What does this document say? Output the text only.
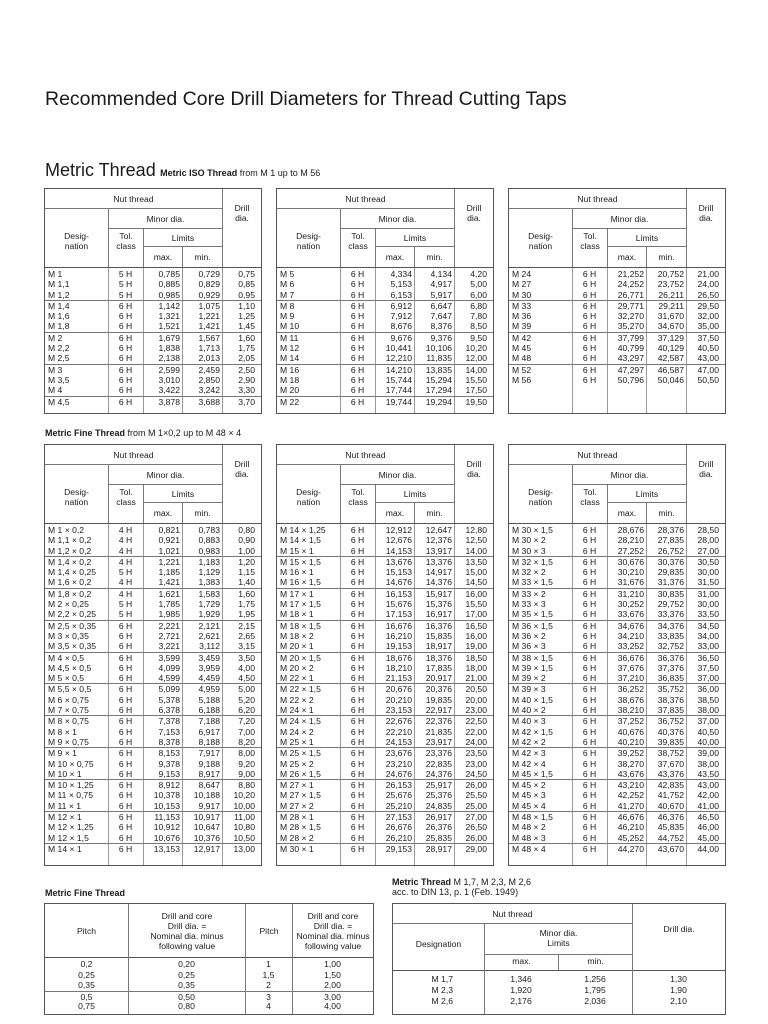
Recommended Core Drill Diameters for Thread Cutting Taps
Metric Thread Metric ISO Thread from M 1 up to M 56
Metric Fine Thread from M 1×0,2 up to M 48 × 4
Nut thread
Drill
dia.
Minor dia.
Desig-
nation
Tol.
class
Limits
max.	min.
M 1	5 H	0,785	0,729	0,75
M 1,1	5 H	0,885	0,829	0,85
M 1,2	5 H	0,985	0,929	0,95
M 1,4	6 H	1,142	1,075	1,10
M 1,6	6 H	1,321	1,221	1,25
M 1,8	6 H	1,521	1,421	1,45
M 2	6 H	1,679	1,567	1,60
M 2,2	6 H	1,838	1,713	1,75
M 2,5	6 H	2,138	2,013	2,05
M 3	6 H	2,599	2,459	2,50
M 3,5	6 H	3,010	2,850	2,90
M 4	6 H	3,422	3,242	3,30
M 4,5	6 H	3,878	3,688	3,70
Nut thread
Drill
dia.
Minor dia.
Desig-
nation
Tol.
class
Limits
max.	min.
M 5	6 H	4,334	4,134	4,20
M 6	6 H	5,153	4,917	5,00
M 7	6 H	6,153	5,917	6,00
M 8	6 H	6,912	6,647	6,80
M 9	6 H	7,912	7,647	7,80
M 10	6 H	8,676	8,376	8,50
M 11	6 H	9,676	9,376	9,50
M 12	6 H	10,441	10,106	10,20
M 14	6 H	12,210	11,835	12,00
M 16	6 H	14,210	13,835	14,00
M 18	6 H	15,744	15,294	15,50
M 20	6 H	17,744	17,294	17,50
M 22	6 H	19,744	19,294	19,50
Nut thread
Drill
dia.
Minor dia.
Desig-
nation
Tol.
class
Limits
max.	min.
M 24	6 H	21,252	20,752	21,00
M 27	6 H	24,252	23,752	24,00
M 30	6 H	26,771	26,211	26,50
M 33	6 H	29,771	29,211	29,50
M 36	6 H	32,270	31,670	32,00
M 39	6 H	35,270	34,670	35,00
M 42	6 H	37,799	37,129	37,50
M 45	6 H	40,799	40,129	40,50
M 48	6 H	43,297	42,587	43,00
M 52	6 H	47,297	46,587	47,00
M 56	6 H	50,796	50,046	50,50
Nut thread
Drill
dia.
Minor dia.
Desig-
nation
Tol.
class
Limits
max.	min.
M 1 × 0,2	4 H	0,821	0,783	0,80
M 1,1 × 0,2	4 H	0,921	0,883	0,90
M 1,2 × 0,2	4 H	1,021	0,983	1,00
M 1,4 × 0,2	4 H	1,221	1,183	1,20
M 1,4 × 0,25	5 H	1,185	1,129	1,15
M 1,6 × 0,2	4 H	1,421	1,383	1,40
M 1,8 × 0,2	4 H	1,621	1,583	1,60
M 2 × 0,25	5 H	1,785	1,729	1,75
M 2,2 × 0,25	5 H	1,985	1,929	1,95
M 2,5 × 0,35	6 H	2,221	2,121	2,15
M 3 × 0,35	6 H	2,721	2,621	2,65
M 3,5 × 0,35	6 H	3,221	3,112	3,15
M 4 × 0,5	6 H	3,599	3,459	3,50
M 4,5 × 0,5	6 H	4,099	3,959	4,00
M 5 × 0,5	6 H	4,599	4,459	4,50
M 5,5 × 0,5	6 H	5,099	4,959	5,00
M 6 × 0,75	6 H	5,378	5,188	5,20
M 7 × 0,75	6 H	6,378	6,188	6,20
M 8 × 0,75	6 H	7,378	7,188	7,20
M 8 × 1	6 H	7,153	6,917	7,00
M 9 × 0,75	6 H	8,378	8,188	8,20
M 9 × 1	6 H	8,153	7,917	8,00
M 10 × 0,75	6 H	9,378	9,188	9,20
M 10 × 1	6 H	9,153	8,917	9,00
M 10 × 1,25	6 H	8,912	8,647	8,80
M 11 × 0,75	6 H	10,378	10,188	10,20
M 11 × 1	6 H	10,153	9,917	10,00
M 12 × 1	6 H	11,153	10,917	11,00
M 12 × 1,25	6 H	10,912	10,647	10,80
M 12 × 1,5	6 H	10,676	10,376	10,50
M 14 × 1	6 H	13,153	12,917	13,00
Nut thread
Drill
dia.
Minor dia.
Desig-
nation
Tol.
class
Limits
max.	min.
M 14 × 1,25	6 H	12,912	12,647	12,80
M 14 × 1,5	6 H	12,676	12,376	12,50
M 15 × 1	6 H	14,153	13,917	14,00
M 15 × 1,5	6 H	13,676	13,376	13,50
M 16 × 1	6 H	15,153	14,917	15,00
M 16 × 1,5	6 H	14,676	14,376	14,50
M 17 × 1	6 H	16,153	15,917	16,00
M 17 × 1,5	6 H	15,676	15,376	15,50
M 18 × 1	6 H	17,153	16,917	17,00
M 18 × 1,5	6 H	16,676	16,376	16,50
M 18 × 2	6 H	16,210	15,835	16,00
M 20 × 1	6 H	19,153	18,917	19,00
M 20 × 1,5	6 H	18,676	18,376	18,50
M 20 × 2	6 H	18,210	17,835	18,00
M 22 × 1	6 H	21,153	20,917	21,00
M 22 × 1,5	6 H	20,676	20,376	20,50
M 22 × 2	6 H	20,210	19,835	20,00
M 24 × 1	6 H	23,153	22,917	23,00
M 24 × 1,5	6 H	22,676	22,376	22,50
M 24 × 2	6 H	22,210	21,835	22,00
M 25 × 1	6 H	24,153	23,917	24,00
M 25 × 1,5	6 H	23,676	23,376	23,50
M 25 × 2	6 H	23,210	22,835	23,00
M 26 × 1,5	6 H	24,676	24,376	24,50
M 27 × 1	6 H	26,153	25,917	26,00
M 27 × 1,5	6 H	25,676	25,376	25,50
M 27 × 2	6 H	25,210	24,835	25,00
M 28 × 1	6 H	27,153	26,917	27,00
M 28 × 1,5	6 H	26,676	26,376	26,50
M 28 × 2	6 H	26,210	25,835	26,00
M 30 × 1	6 H	29,153	28,917	29,00
Nut thread
Drill
dia.
Minor dia.
Desig-
nation
Tol.
class
Limits
max.	min.
M 30 × 1,5	6 H	28,676	28,376	28,50
M 30 × 2	6 H	28,210	27,835	28,00
M 30 × 3	6 H	27,252	26,752	27,00
M 32 × 1,5	6 H	30,676	30,376	30,50
M 32 × 2	6 H	30,210	29,835	30,00
M 33 × 1,5	6 H	31,676	31,376	31,50
M 33 × 2	6 H	31,210	30,835	31,00
M 33 × 3	6 H	30,252	29,752	30,00
M 35 × 1,5	6 H	33,676	33,376	33,50
M 36 × 1,5	6 H	34,676	34,376	34,50
M 36 × 2	6 H	34,210	33,835	34,00
M 36 × 3	6 H	33,252	32,752	33,00
M 38 × 1,5	6 H	36,676	36,376	36,50
M 39 × 1,5	6 H	37,676	37,376	37,50
M 39 × 2	6 H	37,210	36,835	37,00
M 39 × 3	6 H	36,252	35,752	36,00
M 40 × 1,5	6 H	38,676	38,376	38,50
M 40 × 2	6 H	38,210	37,835	38,00
M 40 × 3	6 H	37,252	36,752	37,00
M 42 × 1,5	6 H	40,676	40,376	40,50
M 42 × 2	6 H	40,210	39,835	40,00
M 42 × 3	6 H	39,252	38,752	39,00
M 42 × 4	6 H	38,270	37,670	38,00
M 45 × 1,5	6 H	43,676	43,376	43,50
M 45 × 2	6 H	43,210	42,835	43,00
M 45 × 3	6 H	42,252	41,752	42,00
M 45 × 4	6 H	41,270	40,670	41,00
M 48 × 1,5	6 H	46,676	46,376	46,50
M 48 × 2	6 H	46,210	45,835	46,00
M 48 × 3	6 H	45,252	44,752	45,00
M 48 × 4	6 H	44,270	43,670	44,00
Metric Fine Thread
Metric Thread M 1,7, M 2,3, M 2,6
acc. to DIN 13, p. 1 (Feb. 1949)
Pitch
Drill and core
Drill dia. =
Nominal dia. minus
following value
Pitch
Drill and core
Drill dia. =
Nominal dia. minus
following value
0,2	0,20	1	1,00
0,25	0,25	1,5	1,50
0,35	0,35	2	2,00
0,5	0,50	3	3,00
0,75	0,80	4	4,00
Nut thread
Drill dia.
Designation
Minor dia.
Limits
max.	min.
M 1,7	1,346	1,256	1,30
M 2,3	1,920	1,795	1,90
M 2,6	2,176	2,036	2,10
